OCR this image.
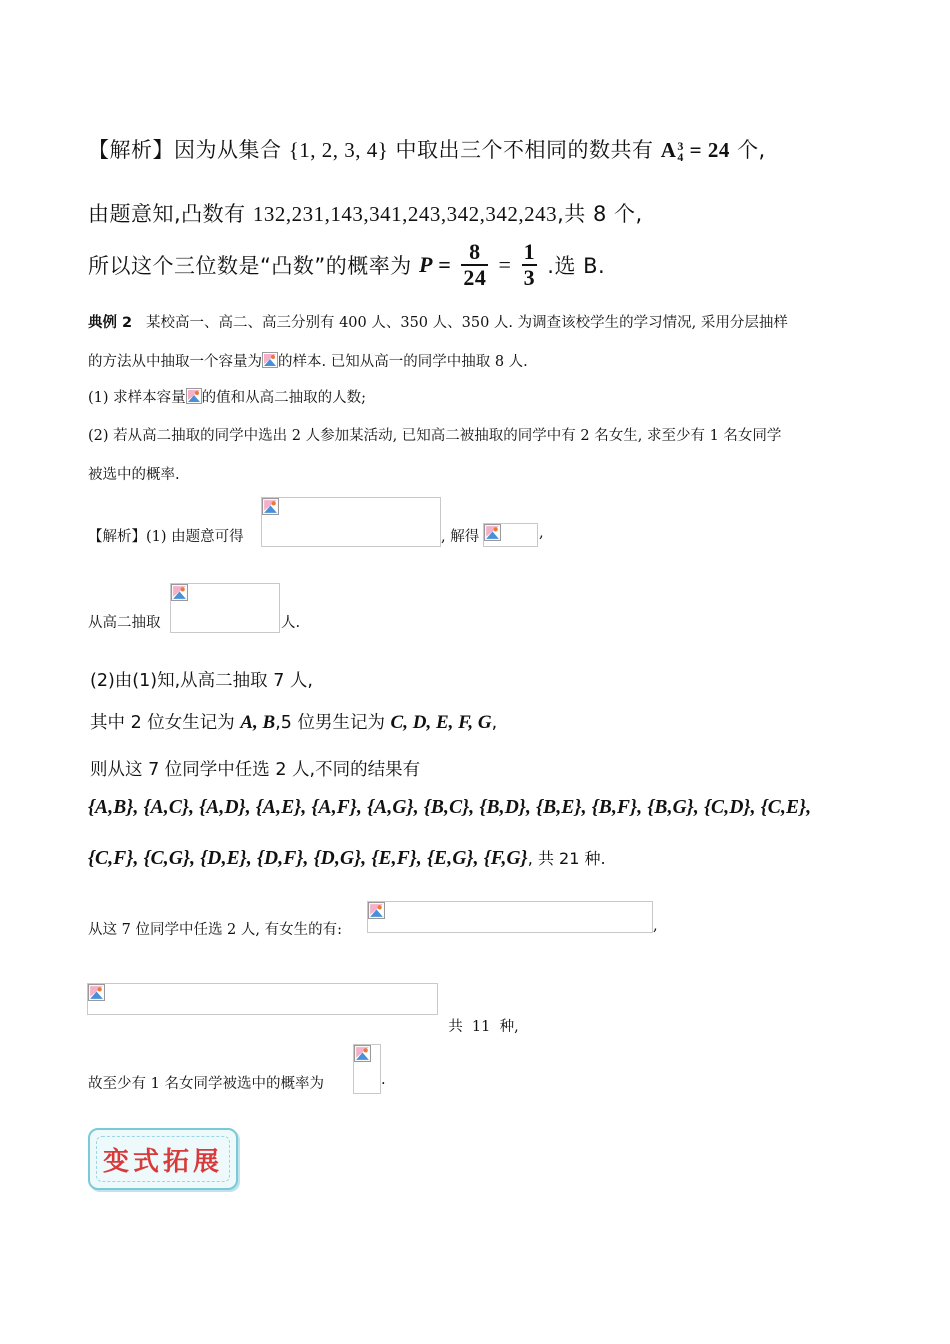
【解析】因为从集合 {1, 2, 3, 4} 中取出三个不相同的数共有 A 3
4 = 24 个,
由题意知,凸数有 132,231,143,341,243,342,342,243,共 8 个,
所以这个三位数是“凸数”的概率为 $P = \frac{8}{24} = \frac{1}{3}$ .选 B.
典例 2 某校高一、高二、高三分别有 400 人、350 人、350 人. 为调查该校学生的学习情况, 采用分层抽样
的方法从中抽取一个容量为 的样本. 已知从高一的同学中抽取 8 人.
(1) 求样本容量 的值和从高二抽取的人数;
(2) 若从高二抽取的同学中选出 2 人参加某活动, 已知高二被抽取的同学中有 2 名女生, 求至少有 1 名女同学
被选中的概率.
【解析】(1) 由题意可得	, 解得	,
从高二抽取	人.
(2)由(1)知,从高二抽取 7 人,
其中 2 位女生记为 A, B,5 位男生记为 C, D, E, F, G,
则从这 7 位同学中任选 2 人,不同的结果有
{A,B}, {A,C}, {A,D}, {A,E}, {A,F}, {A,G}, {B,C}, {B,D}, {B,E}, {B,F}, {B,G}, {C,D}, {C,E},
{C,F}, {C,G}, {D,E}, {D,F}, {D,G}, {E,F}, {E,G}, {F,G}, 共 21 种.
从这 7 位同学中任选 2 人, 有女生的有:	,

共  11  种,

故至少有 1 名女同学被选中的概率为	.
变式拓展
